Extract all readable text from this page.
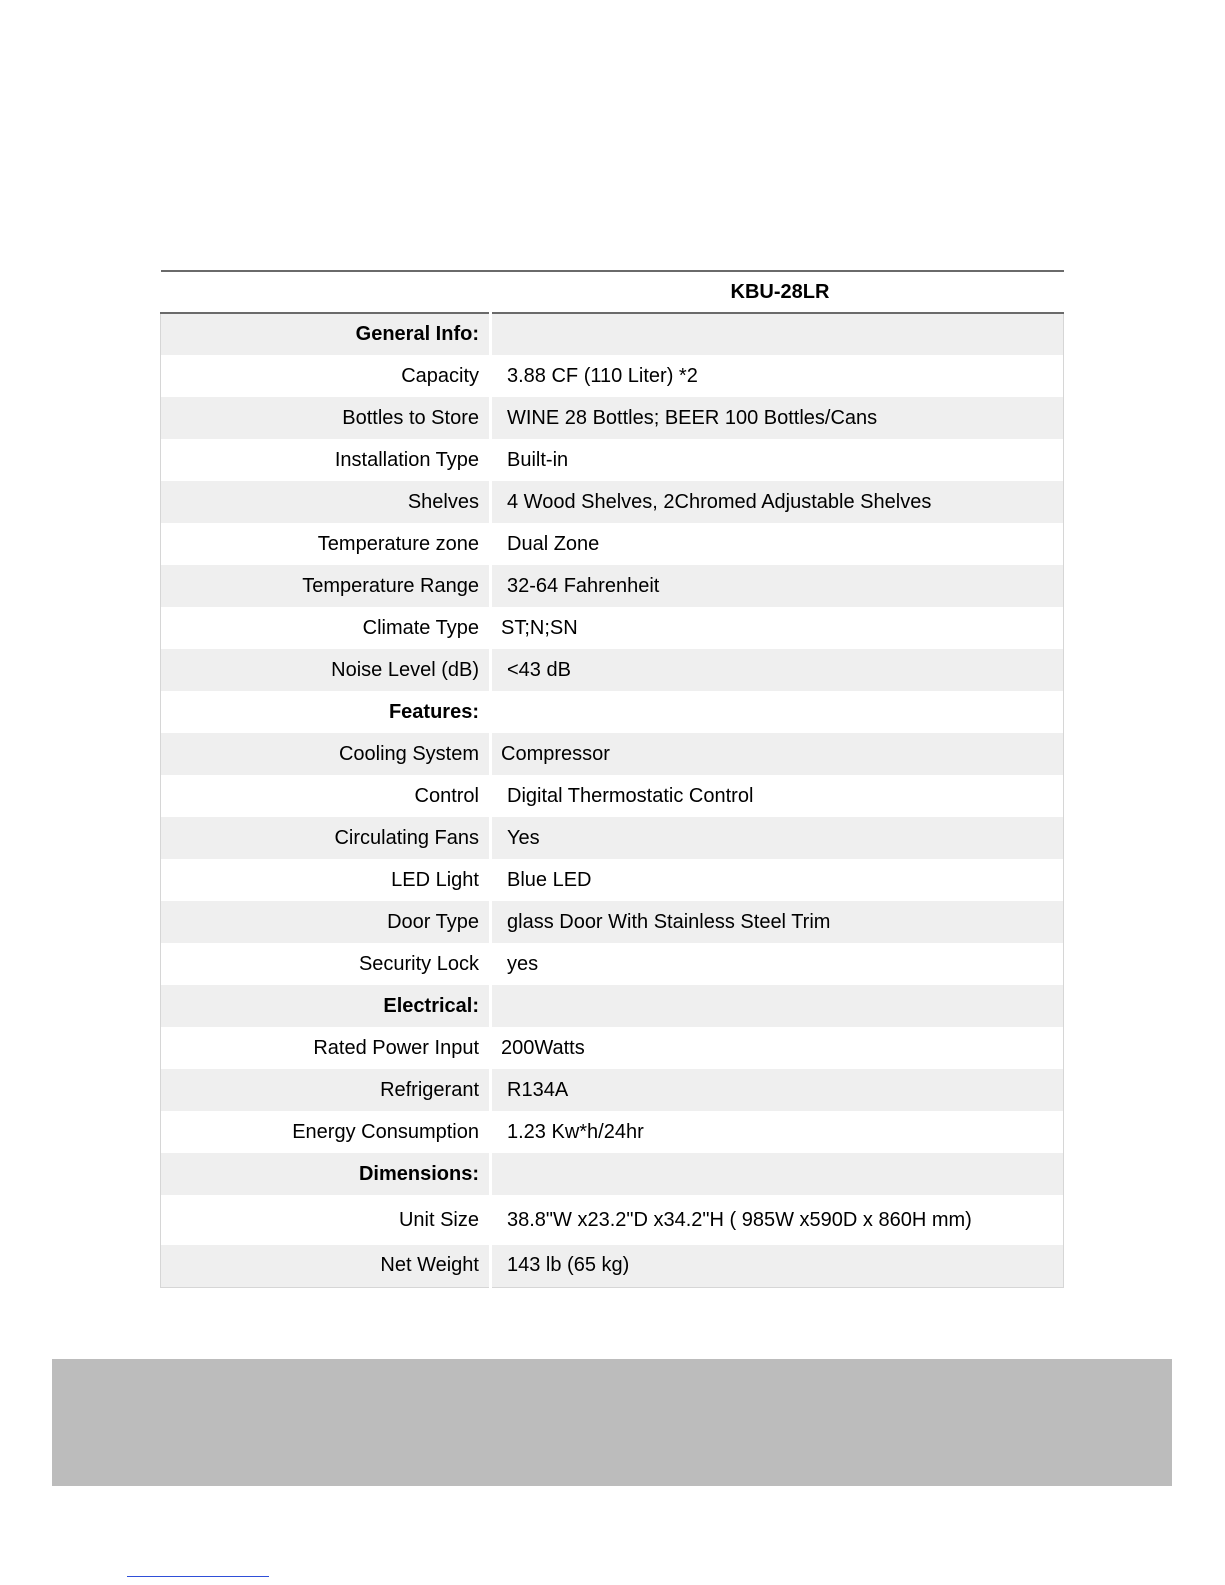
	KBU-28LR
General Info:	
Capacity	3.88 CF (110 Liter) *2
Bottles to Store	WINE 28 Bottles; BEER 100 Bottles/Cans
Installation Type	Built-in
Shelves	4 Wood Shelves, 2Chromed Adjustable Shelves
Temperature zone	Dual Zone
Temperature Range	32-64 Fahrenheit
Climate Type	ST;N;SN
Noise Level (dB)	<43 dB
Features:	
Cooling System	Compressor
Control	Digital Thermostatic Control
Circulating Fans	Yes
LED Light	Blue LED
Door Type	glass Door With Stainless Steel Trim
Security Lock	yes
Electrical:	
Rated Power Input	200Watts
Refrigerant	R134A
Energy Consumption	1.23 Kw*h/24hr
Dimensions:	
Unit Size	38.8"W x23.2"D x34.2"H ( 985W x590D x 860H mm)
Net Weight	143 lb (65 kg)
